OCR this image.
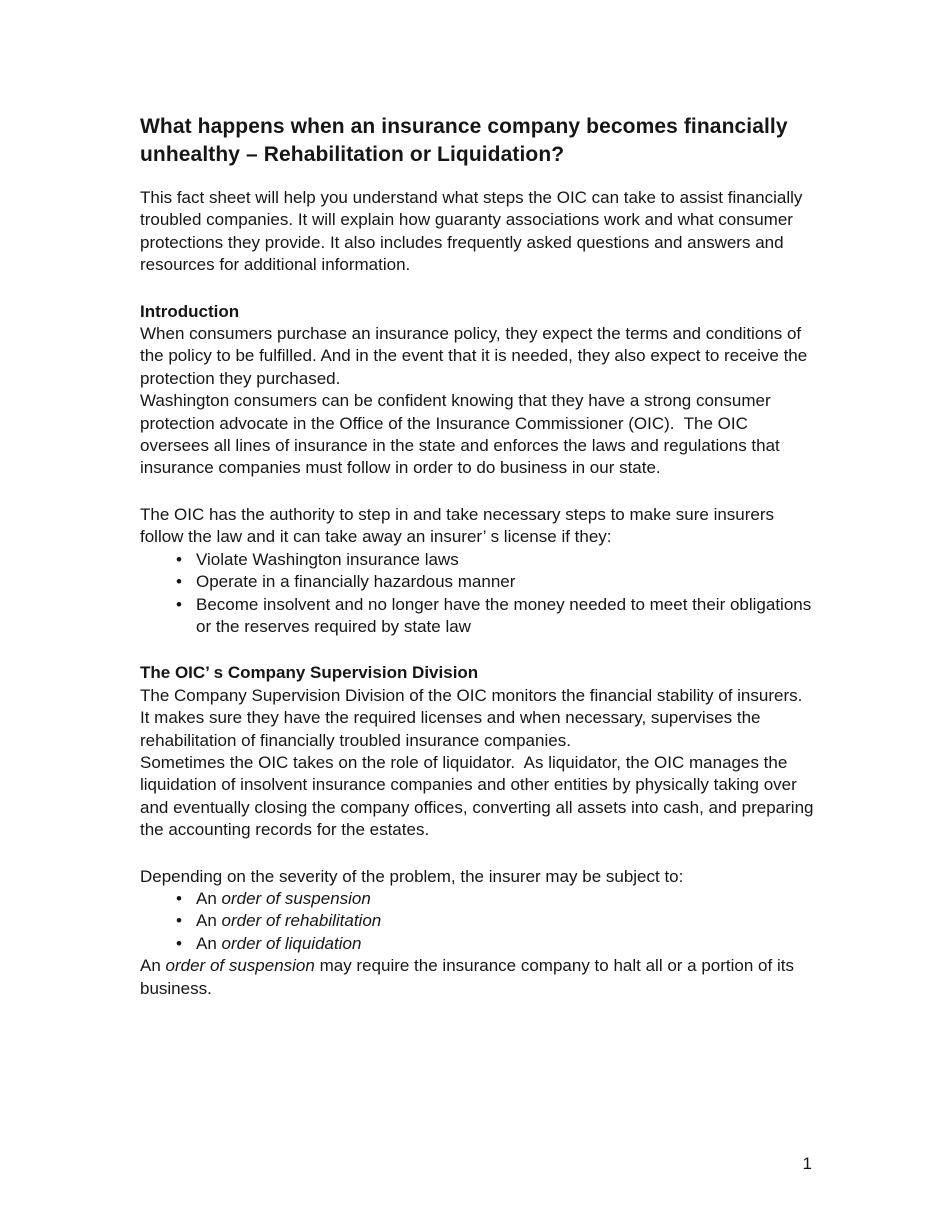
What happens when an insurance company becomes financially
unhealthy – Rehabilitation or Liquidation?

This fact sheet will help you understand what steps the OIC can take to assist financially troubled companies. It will explain how guaranty associations work and what consumer protections they provide. It also includes frequently asked questions and answers and resources for additional information.

Introduction

When consumers purchase an insurance policy, they expect the terms and conditions of the policy to be fulfilled. And in the event that it is needed, they also expect to receive the protection they purchased.

Washington consumers can be confident knowing that they have a strong consumer protection advocate in the Office of the Insurance Commissioner (OIC).  The OIC oversees all lines of insurance in the state and enforces the laws and regulations that insurance companies must follow in order to do business in our state.

The OIC has the authority to step in and take necessary steps to make sure insurers follow the law and it can take away an insurer’ s license if they:

• Violate Washington insurance laws
• Operate in a financially hazardous manner
• Become insolvent and no longer have the money needed to meet their obligations or the reserves required by state law
The OIC’ s Company Supervision Division

The Company Supervision Division of the OIC monitors the financial stability of insurers. It makes sure they have the required licenses and when necessary, supervises the rehabilitation of financially troubled insurance companies.

Sometimes the OIC takes on the role of liquidator.  As liquidator, the OIC manages the liquidation of insolvent insurance companies and other entities by physically taking over and eventually closing the company offices, converting all assets into cash, and preparing the accounting records for the estates.

Depending on the severity of the problem, the insurer may be subject to:

• An order of suspension
• An order of rehabilitation
• An order of liquidation

An order of suspension may require the insurance company to halt all or a portion of its business.

1
